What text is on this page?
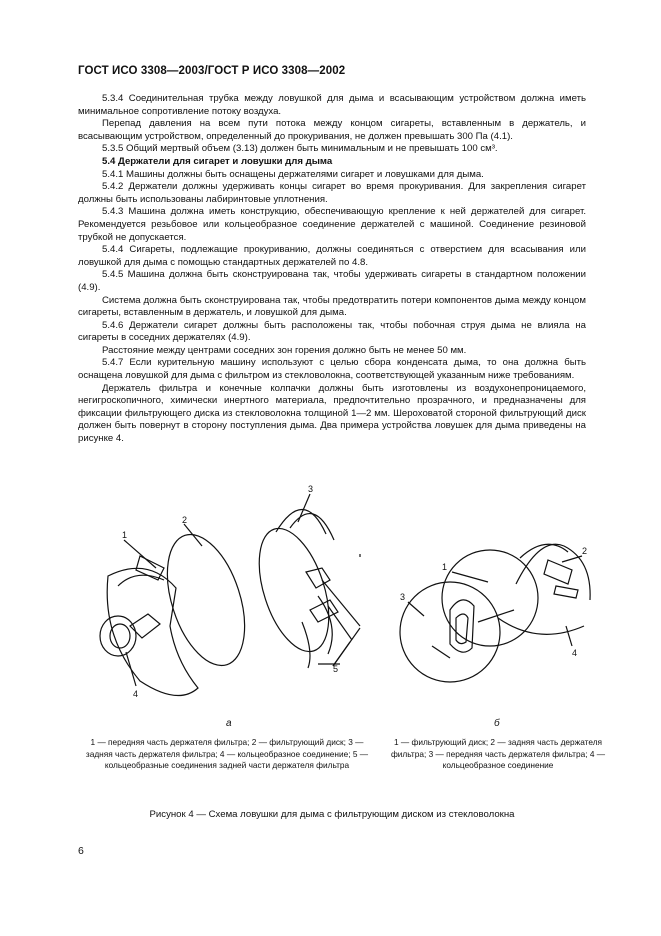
ГОСТ ИСО 3308—2003/ГОСТ Р ИСО 3308—2002

5.3.4 Соединительная трубка между ловушкой для дыма и всасывающим устройством должна иметь минимальное сопротивление потоку воздуха.

Перепад давления на всем пути потока между концом сигареты, вставленным в держатель, и всасывающим устройством, определенный до прокуривания, не должен превышать 300 Па (4.1).

5.3.5 Общий мертвый объем (3.13) должен быть минимальным и не превышать 100 см³.

5.4 Держатели для сигарет и ловушки для дыма

5.4.1 Машины должны быть оснащены держателями сигарет и ловушками для дыма.

5.4.2 Держатели должны удерживать концы сигарет во время прокуривания. Для закрепления сигарет должны быть использованы лабиринтовые уплотнения.

5.4.3 Машина должна иметь конструкцию, обеспечивающую крепление к ней держателей для сигарет. Рекомендуется резьбовое или кольцеобразное соединение держателей с машиной. Соединение резиновой трубкой не допускается.

5.4.4 Сигареты, подлежащие прокуриванию, должны соединяться с отверстием для всасывания или ловушкой для дыма с помощью стандартных держателей по 4.8.

5.4.5 Машина должна быть сконструирована так, чтобы удерживать сигареты в стандартном положении (4.9).

Система должна быть сконструирована так, чтобы предотвратить потери компонентов дыма между концом сигареты, вставленным в держатель, и ловушкой для дыма.

5.4.6 Держатели сигарет должны быть расположены так, чтобы побочная струя дыма не влияла на сигареты в соседних держателях (4.9).

Расстояние между центрами соседних зон горения должно быть не менее 50 мм.

5.4.7 Если курительную машину используют с целью сбора конденсата дыма, то она должна быть оснащена ловушкой для дыма с фильтром из стекловолокна, соответствующей указанным ниже требованиям.

Держатель фильтра и конечные колпачки должны быть изготовлены из воздухонепроницаемого, негигроскопичного, химически инертного материала, предпочтительно прозрачного, и предназначены для фиксации фильтрующего диска из стекловолокна толщиной 1—2 мм. Шероховатой стороной фильтрующий диск должен быть повернут в сторону поступления дыма. Два примера устройства ловушек для дыма приведены на рисунке 4.

1
2
3
4
5
1
2
3
4
а	б
1 — передняя часть держателя фильтра; 2 — фильтрующий диск; 3 — задняя часть держателя фильтра; 4 — кольцеобразное соединение; 5 — кольцеобразные соединения задней части держателя фильтра
1 — фильтрующий диск; 2 — задняя часть держателя фильтра; 3 — передняя часть держателя фильтра; 4 — кольцеобразное соединение
Рисунок 4 — Схема ловушки для дыма с фильтрующим диском из стекловолокна
6
